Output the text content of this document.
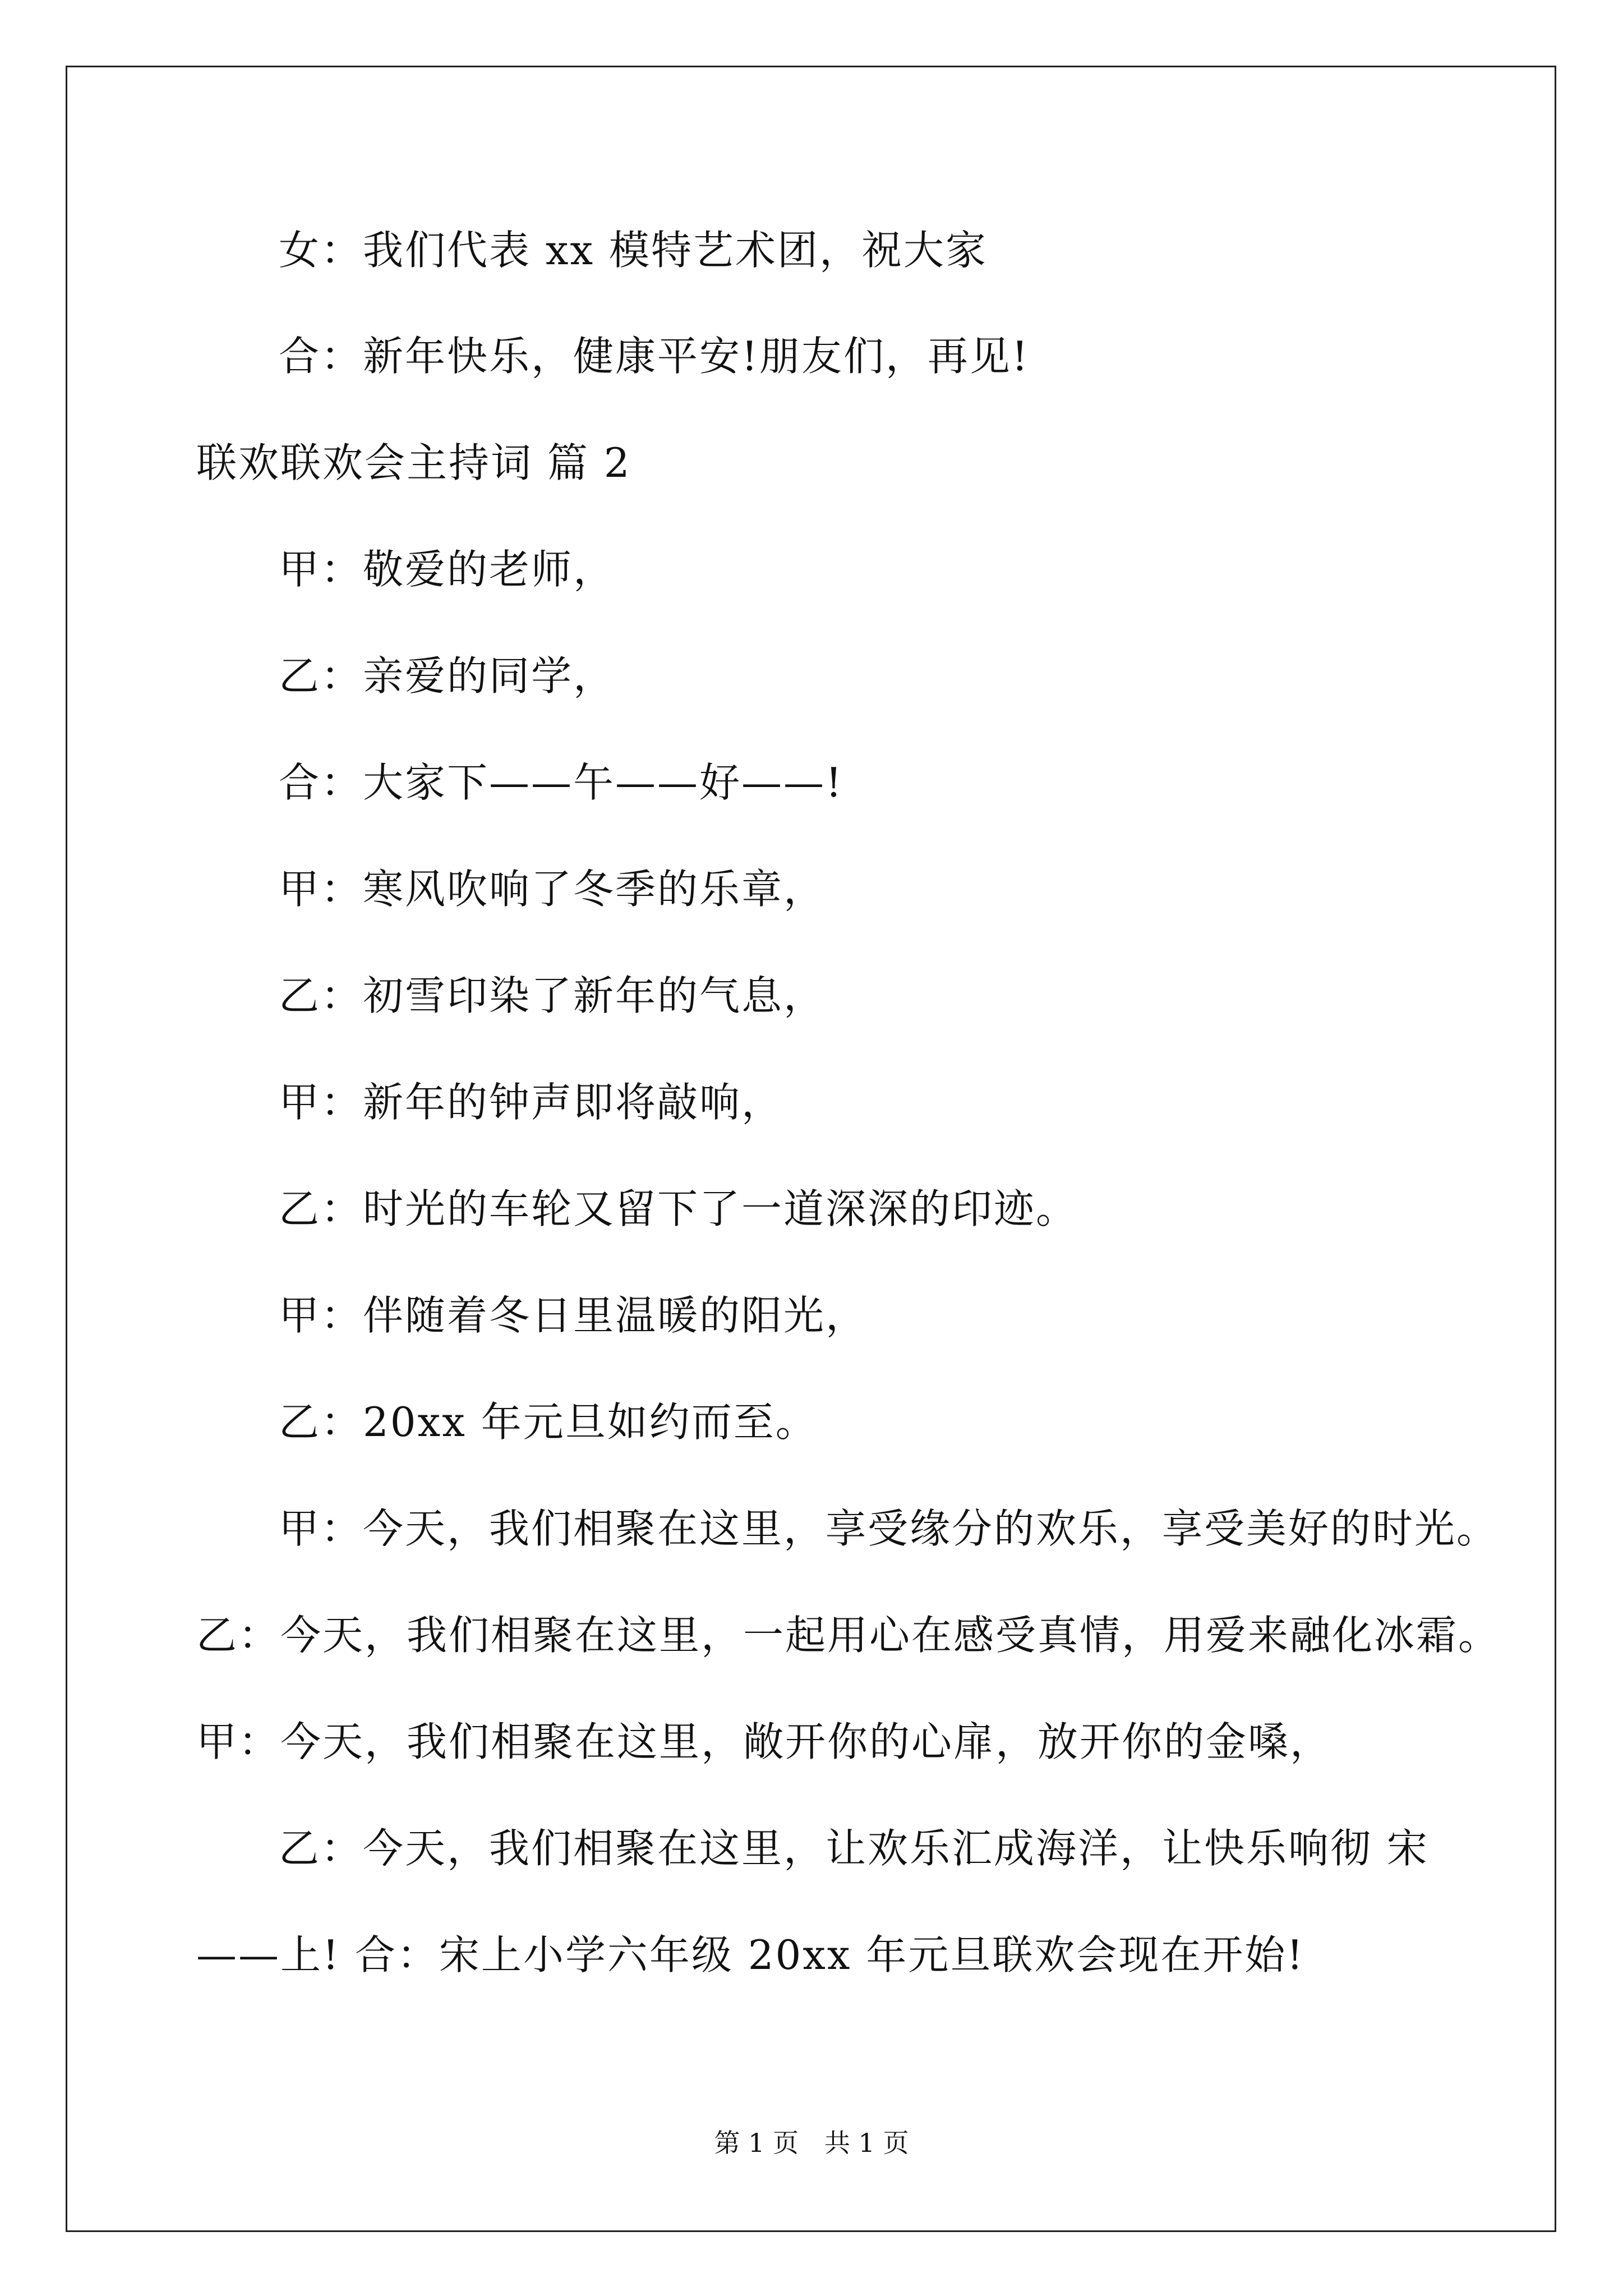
女：我们代表 xx 模特艺术团，祝大家
合：新年快乐，健康平安!朋友们，再见!
联欢联欢会主持词 篇 2
甲：敬爱的老师，
乙：亲爱的同学，
合：大家下——午——好——!
甲：寒风吹响了冬季的乐章，
乙：初雪印染了新年的气息，
甲：新年的钟声即将敲响，
乙：时光的车轮又留下了一道深深的印迹。
甲：伴随着冬日里温暖的阳光，
乙：20xx 年元旦如约而至。
甲：今天，我们相聚在这里，享受缘分的欢乐，享受美好的时光。
乙：今天，我们相聚在这里，一起用心在感受真情，用爱来融化冰霜。
甲：今天，我们相聚在这里，敞开你的心扉，放开你的金嗓，
乙：今天，我们相聚在这里，让欢乐汇成海洋，让快乐响彻 宋
——上! 合：宋上小学六年级 20xx 年元旦联欢会现在开始!
第 1 页　共 1 页
